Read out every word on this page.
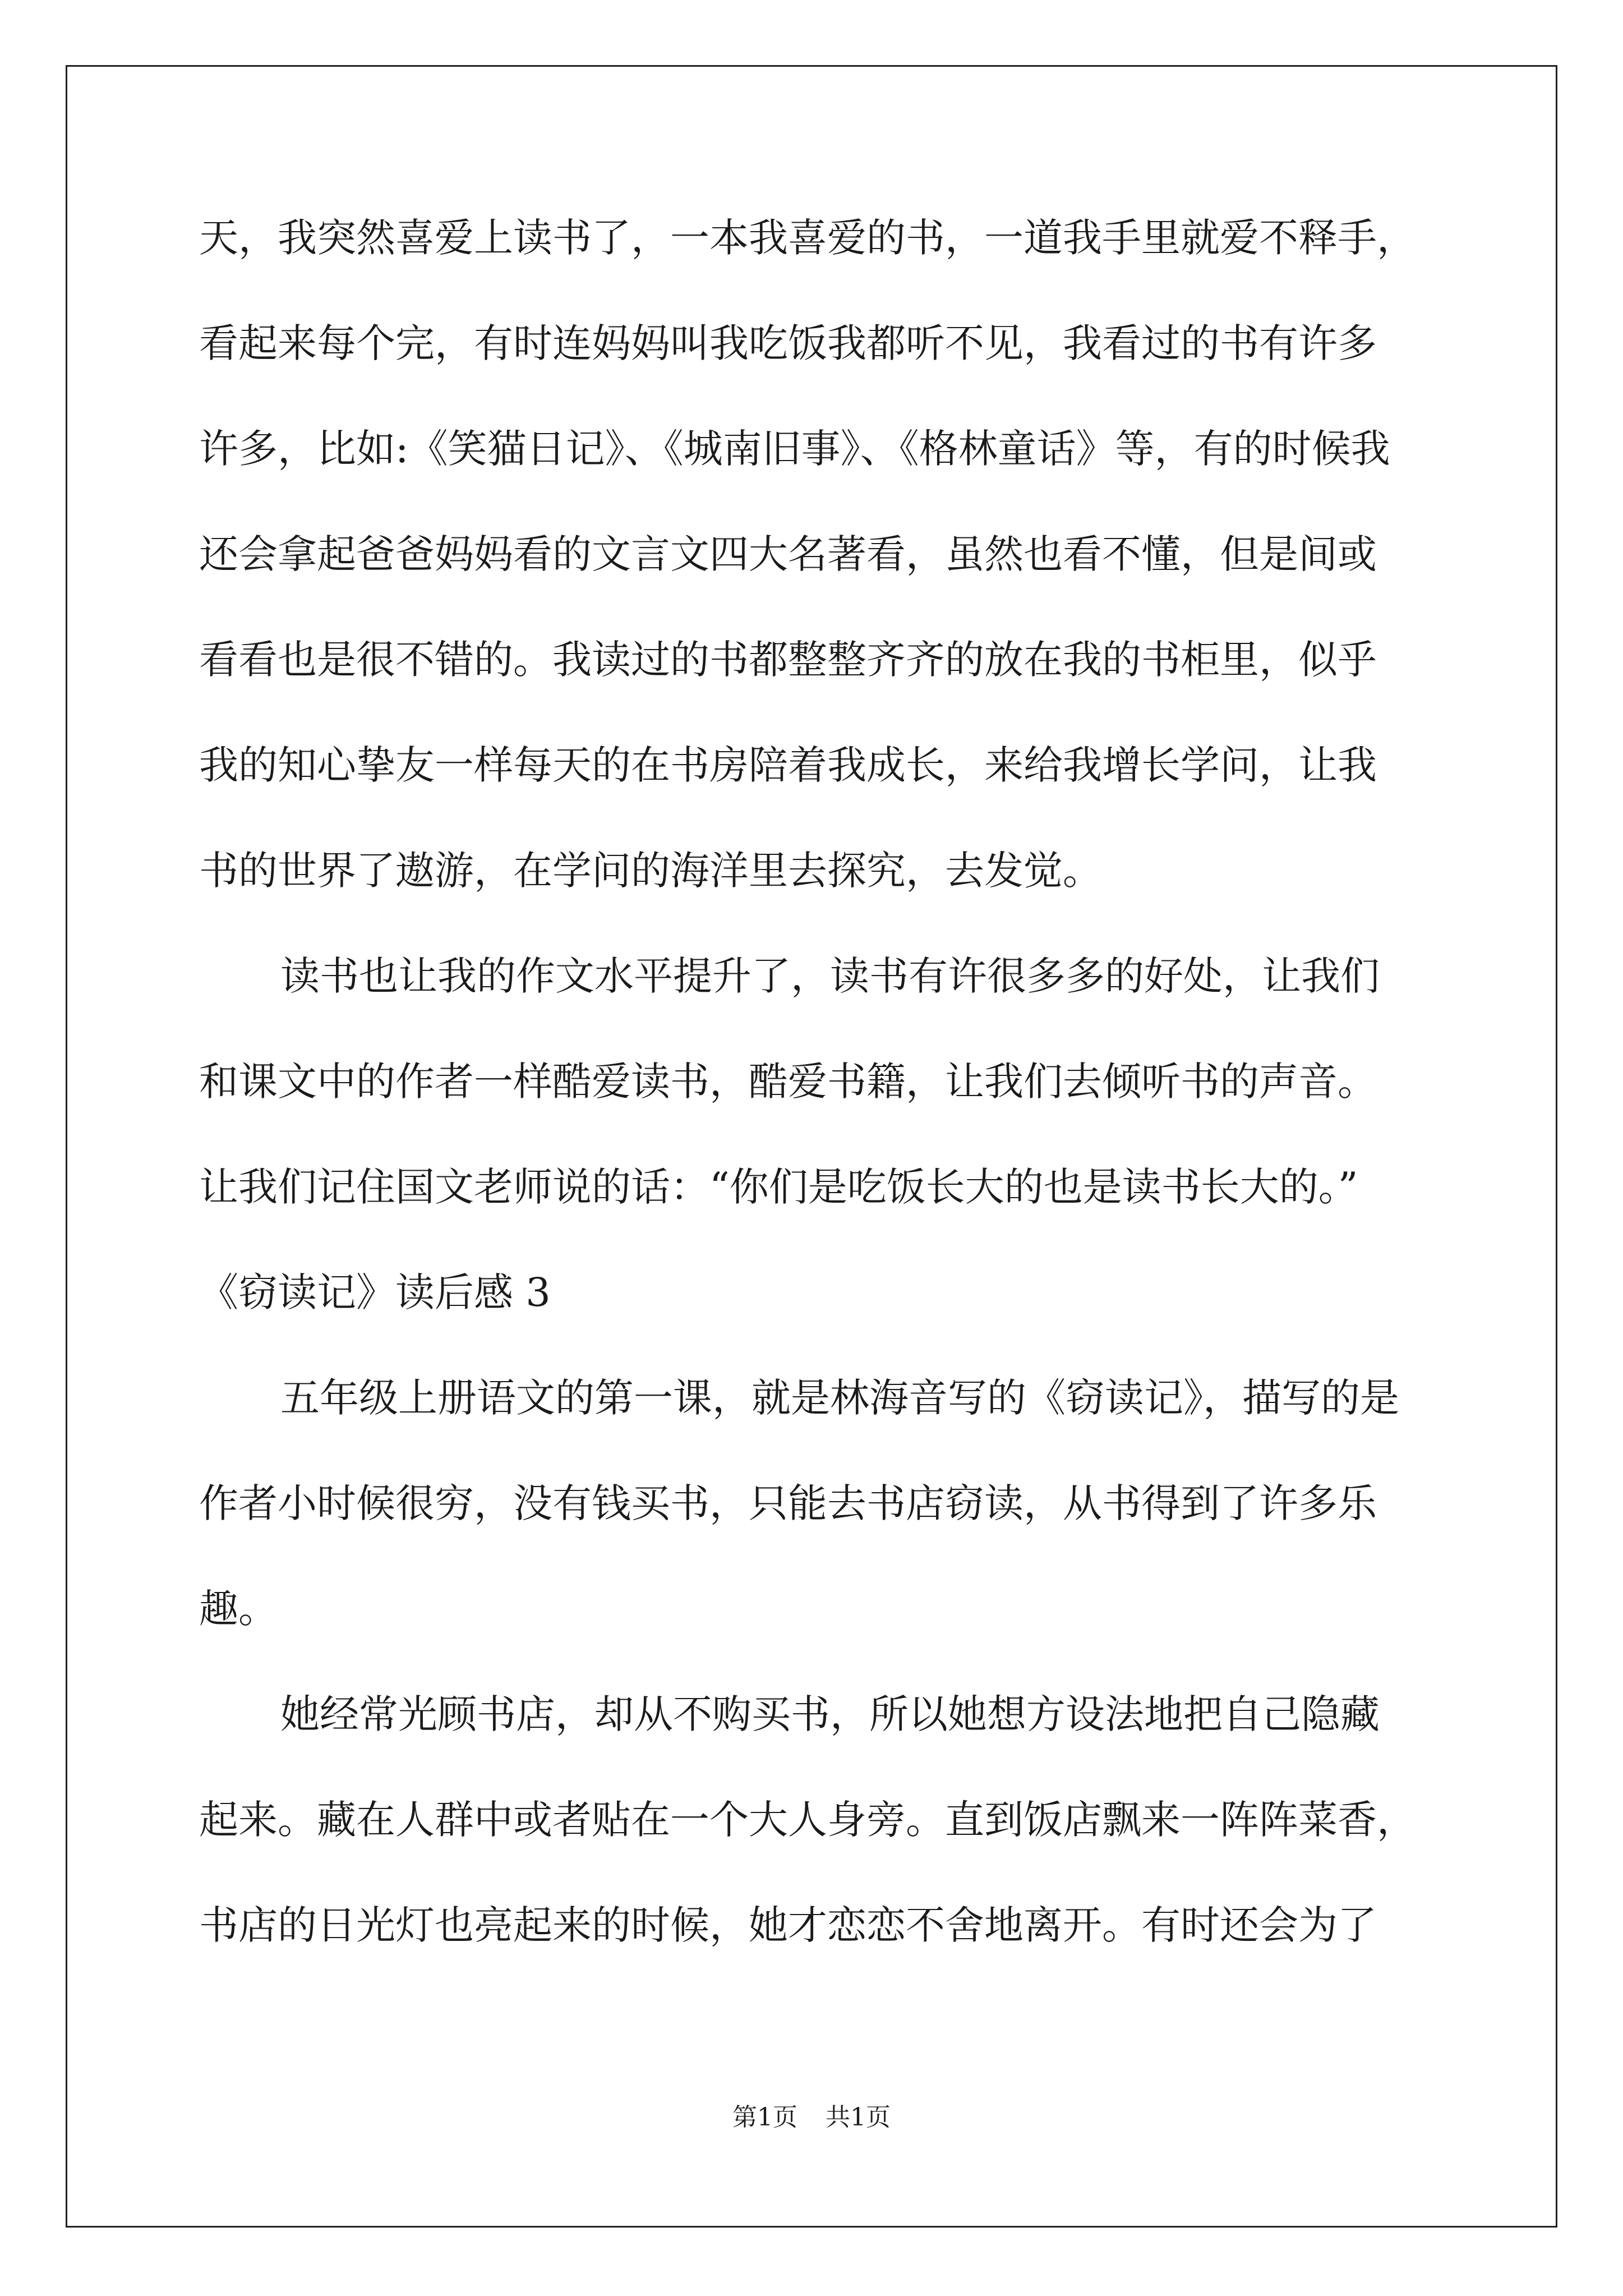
天，我突然喜爱上读书了，一本我喜爱的书，一道我手里就爱不释手，
看起来每个完，有时连妈妈叫我吃饭我都听不见，我看过的书有许多
许多，比如:《笑猫日记》、《城南旧事》、《格林童话》等，有的时候我
还会拿起爸爸妈妈看的文言文四大名著看，虽然也看不懂，但是间或
看看也是很不错的。我读过的书都整整齐齐的放在我的书柜里，似乎
我的知心挚友一样每天的在书房陪着我成长，来给我增长学问，让我
书的世界了遨游，在学问的海洋里去探究，去发觉。
读书也让我的作文水平提升了，读书有许很多多的好处，让我们
和课文中的作者一样酷爱读书，酷爱书籍，让我们去倾听书的声音。
让我们记住国文老师说的话：“你们是吃饭长大的也是读书长大的。”
《窃读记》读后感 3
五年级上册语文的第一课，就是林海音写的《窃读记》，描写的是
作者小时候很穷，没有钱买书，只能去书店窃读，从书得到了许多乐
趣。
她经常光顾书店，却从不购买书，所以她想方设法地把自己隐藏
起来。藏在人群中或者贴在一个大人身旁。直到饭店飘来一阵阵菜香，
书店的日光灯也亮起来的时候，她才恋恋不舍地离开。有时还会为了
第1页 共1页
